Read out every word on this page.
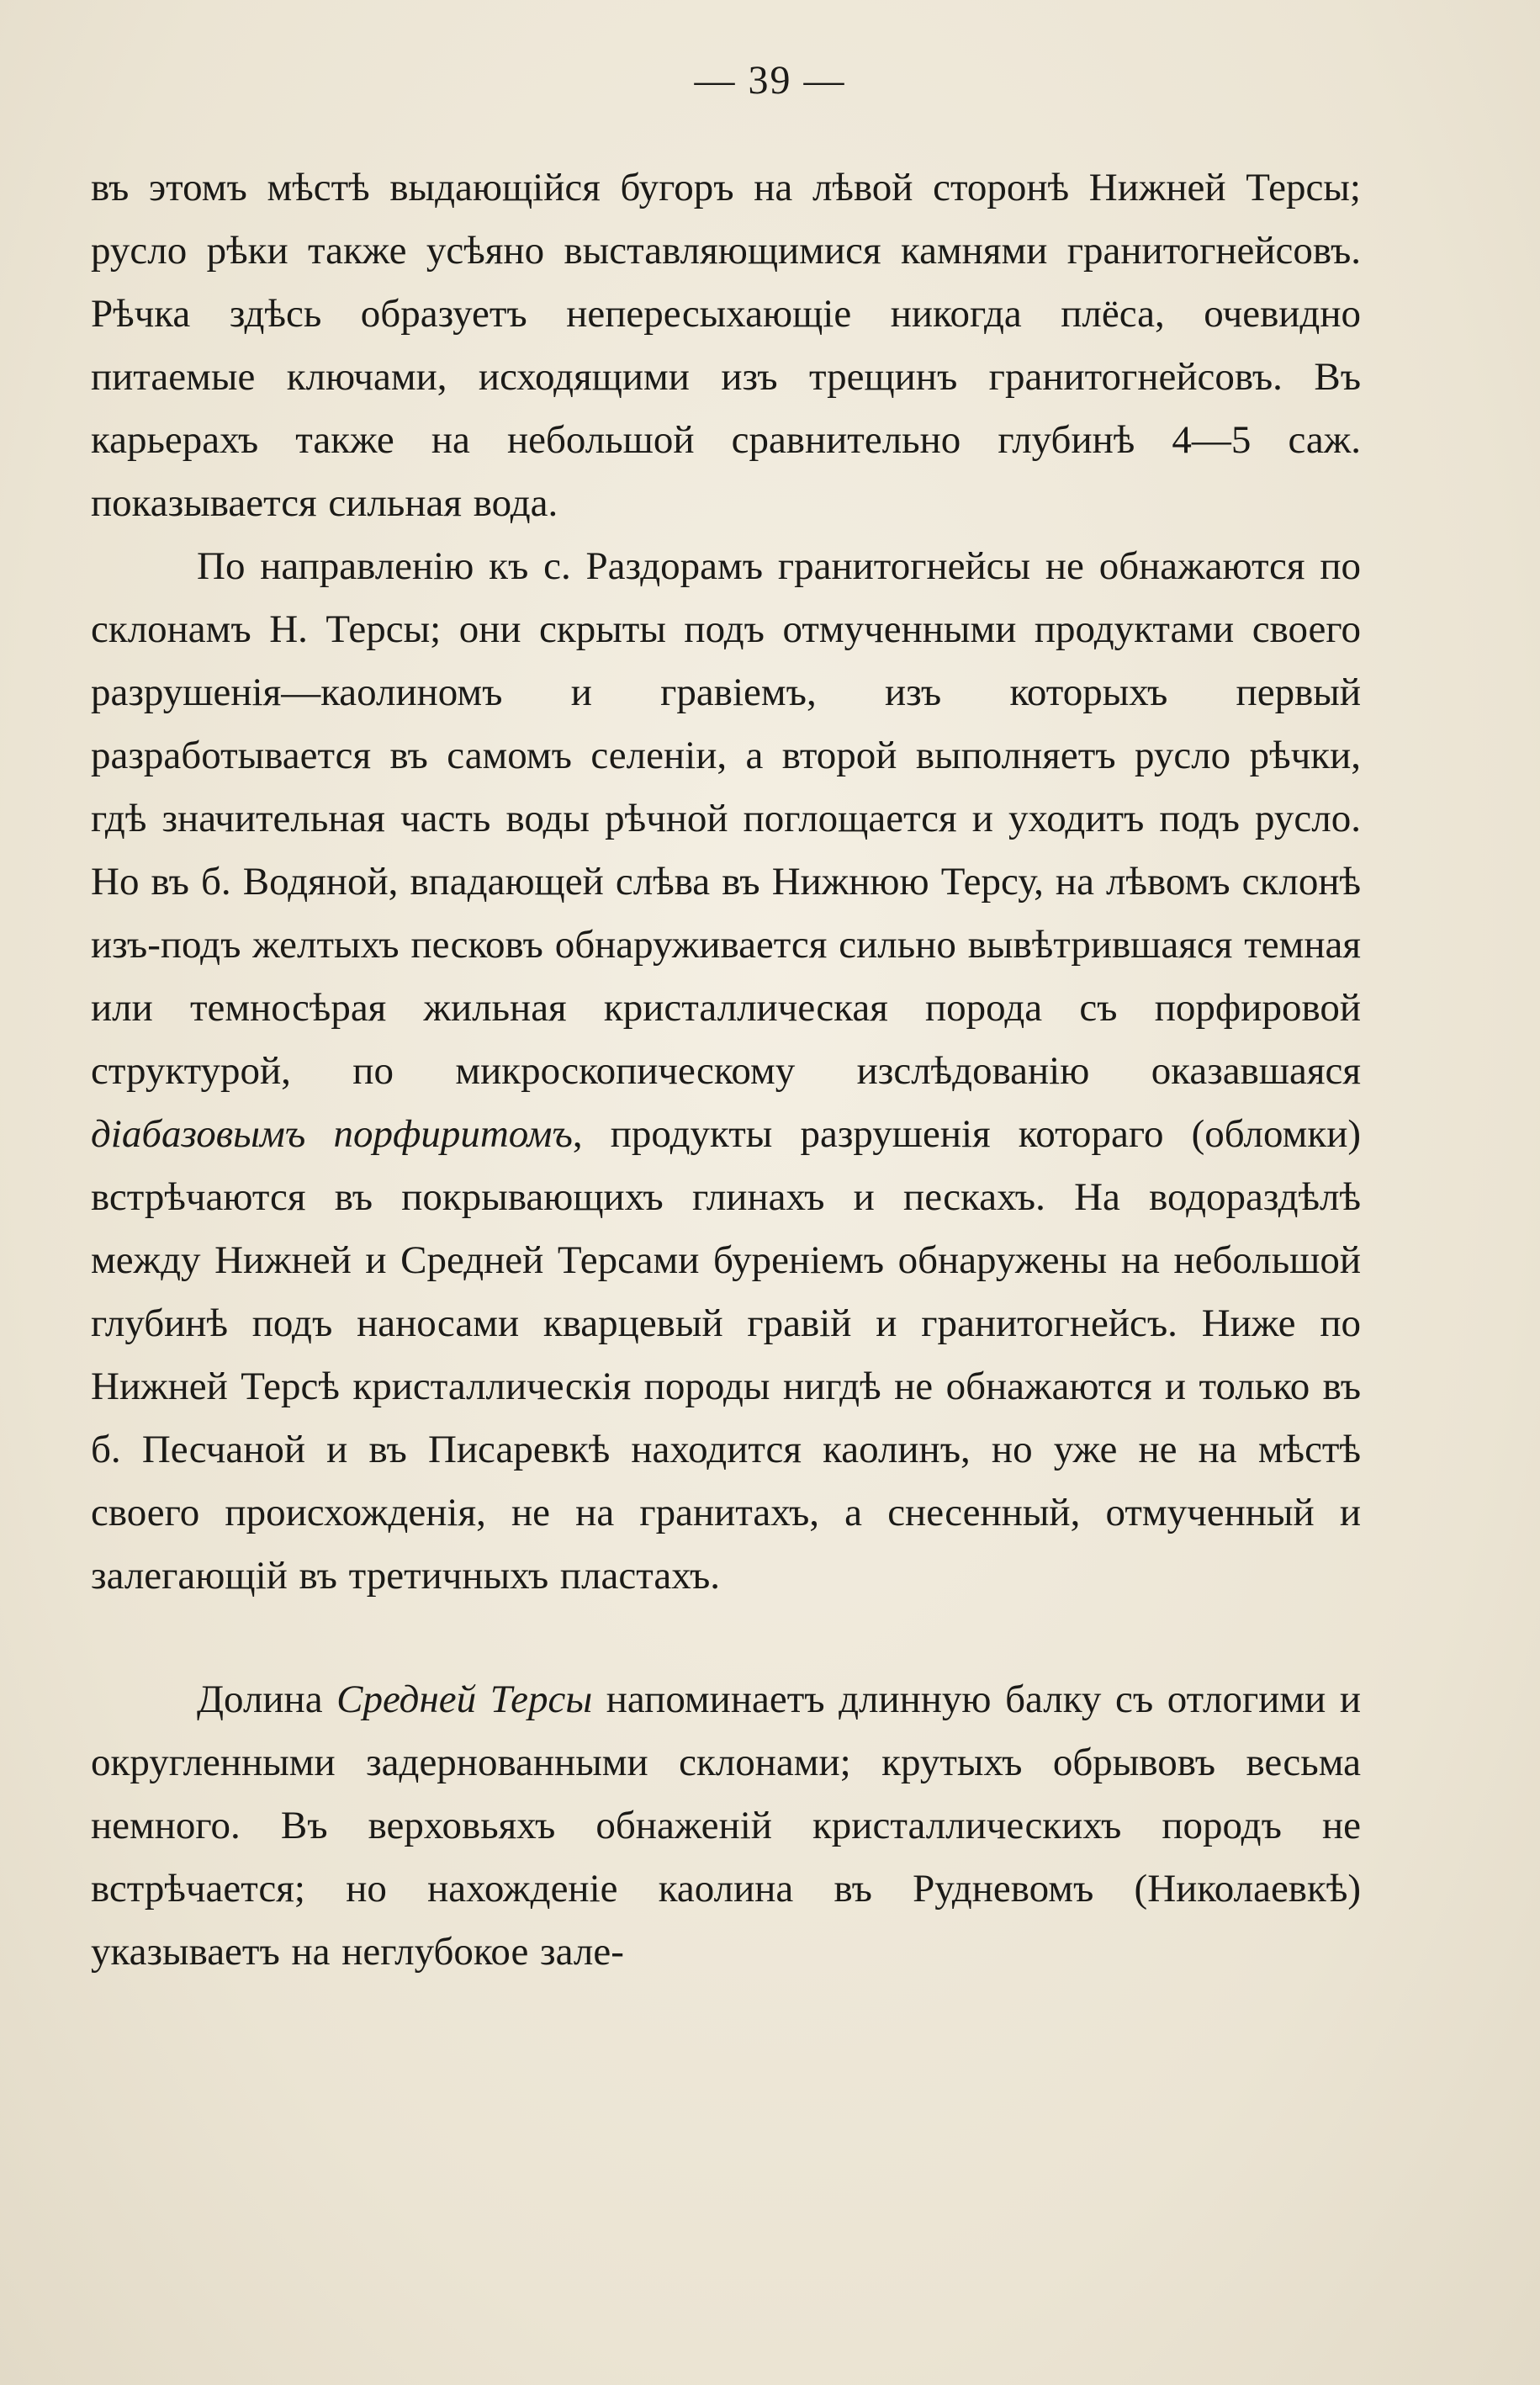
— 39 —

въ этомъ мѣстѣ выдающійся бугоръ на лѣвой сторонѣ Нижней Терсы; русло рѣки также усѣяно выставляющимися камнями гранитогнейсовъ. Рѣчка здѣсь образуетъ непересыхающіе никогда плёса, очевидно питаемые ключами, исходящими изъ трещинъ гранитогнейсовъ. Въ карьерахъ также на небольшой сравнительно глубинѣ 4—5 саж. показывается сильная вода.

По направленію къ с. Раздорамъ гранитогнейсы не обнажаются по склонамъ Н. Терсы; они скрыты подъ отмученными продуктами своего разрушенія—каолиномъ и гравіемъ, изъ которыхъ первый разработывается въ самомъ селеніи, а второй выполняетъ русло рѣчки, гдѣ значительная часть воды рѣчной поглощается и уходитъ подъ русло. Но въ б. Водяной, впадающей слѣва въ Нижнюю Терсу, на лѣвомъ склонѣ изъ-подъ желтыхъ песковъ обнаруживается сильно вывѣтрившаяся темная или темносѣрая жильная кристаллическая порода съ порфировой структурой, по микроскопическому изслѣдованію оказавшаяся діабазовымъ порфиритомъ, продукты разрушенія котораго (обломки) встрѣчаются въ покрывающихъ глинахъ и пескахъ. На водораздѣлѣ между Нижней и Средней Терсами буреніемъ обнаружены на небольшой глубинѣ подъ наносами кварцевый гравій и гранитогнейсъ. Ниже по Нижней Терсѣ кристаллическія породы нигдѣ не обнажаются и только въ б. Песчаной и въ Писаревкѣ находится каолинъ, но уже не на мѣстѣ своего происхожденія, не на гранитахъ, а снесенный, отмученный и залегающій въ третичныхъ пластахъ.

Долина Средней Терсы напоминаетъ длинную балку съ отлогими и округленными задернованными склонами; крутыхъ обрывовъ весьма немного. Въ верховьяхъ обнаженій кристаллическихъ породъ не встрѣчается; но нахожденіе каолина въ Рудневомъ (Николаевкѣ) указываетъ на неглубокое зале-
